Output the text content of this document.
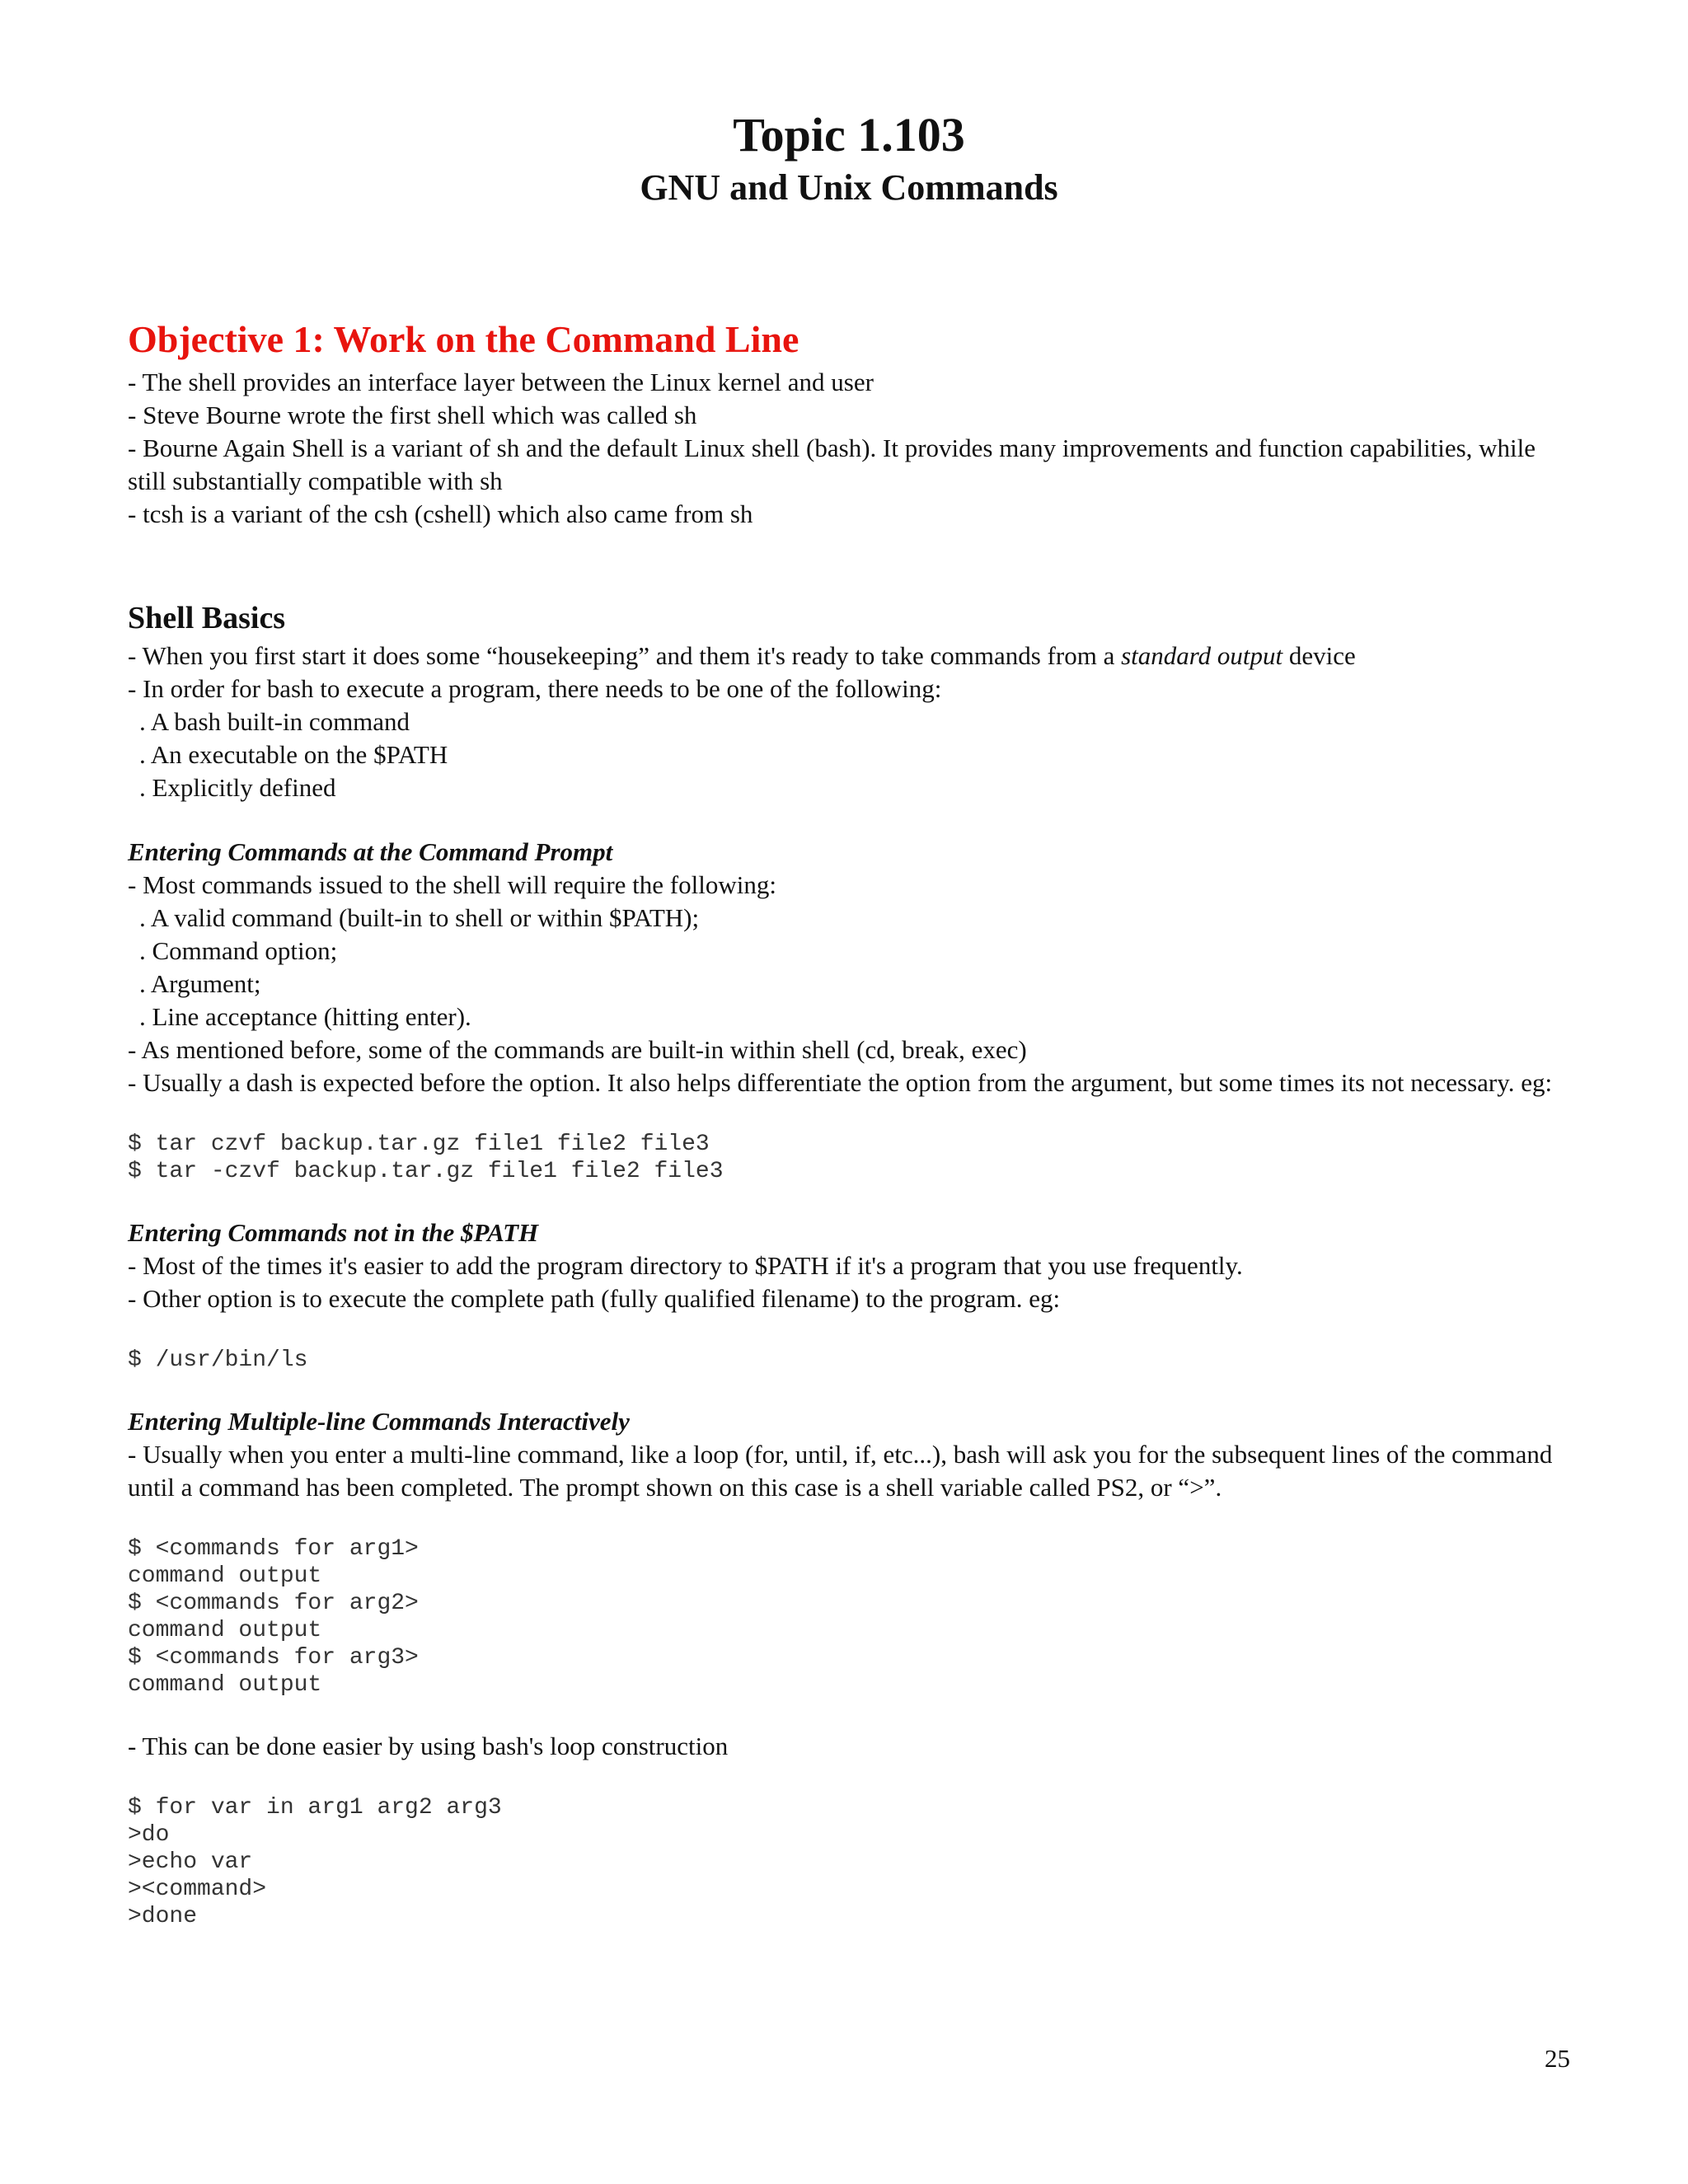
Topic 1.103
GNU and Unix Commands
Objective 1: Work on the Command Line

- The shell provides an interface layer between the Linux kernel and user

- Steve Bourne wrote the first shell which was called sh

- Bourne Again Shell is a variant of sh and the default Linux shell (bash). It provides many improvements and function capabilities, while still substantially compatible with sh

- tcsh is a variant of the csh (cshell) which also came from sh

Shell Basics

- When you first start it does some “housekeeping” and them it's ready to take commands from a standard output device

- In order for bash to execute a program, there needs to be one of the following:

. A bash built-in command

. An executable on the $PATH

. Explicitly defined

Entering Commands at the Command Prompt

- Most commands issued to the shell will require the following:

. A valid command (built-in to shell or within $PATH);

. Command option;

. Argument;

. Line acceptance (hitting enter).

- As mentioned before, some of the commands are built-in within shell (cd, break, exec)

- Usually a dash is expected before the option. It also helps differentiate the option from the argument, but some times its not necessary. eg:

$ tar czvf backup.tar.gz file1 file2 file3
$ tar -czvf backup.tar.gz file1 file2 file3
Entering Commands not in the $PATH

- Most of the times it's easier to add the program directory to $PATH if it's a program that you use frequently.

- Other option is to execute the complete path (fully qualified filename) to the program. eg:

$ /usr/bin/ls
Entering Multiple-line Commands Interactively

- Usually when you enter a multi-line command, like a loop (for, until, if, etc...), bash will ask you for the subsequent lines of the command until a command has been completed. The prompt shown on this case is a shell variable called PS2, or “>”.

$ <commands for arg1>
command output
$ <commands for arg2>
command output
$ <commands for arg3>
command output

- This can be done easier by using bash's loop construction

$ for var in arg1 arg2 arg3
>do
>echo var
><command>
>done

25
